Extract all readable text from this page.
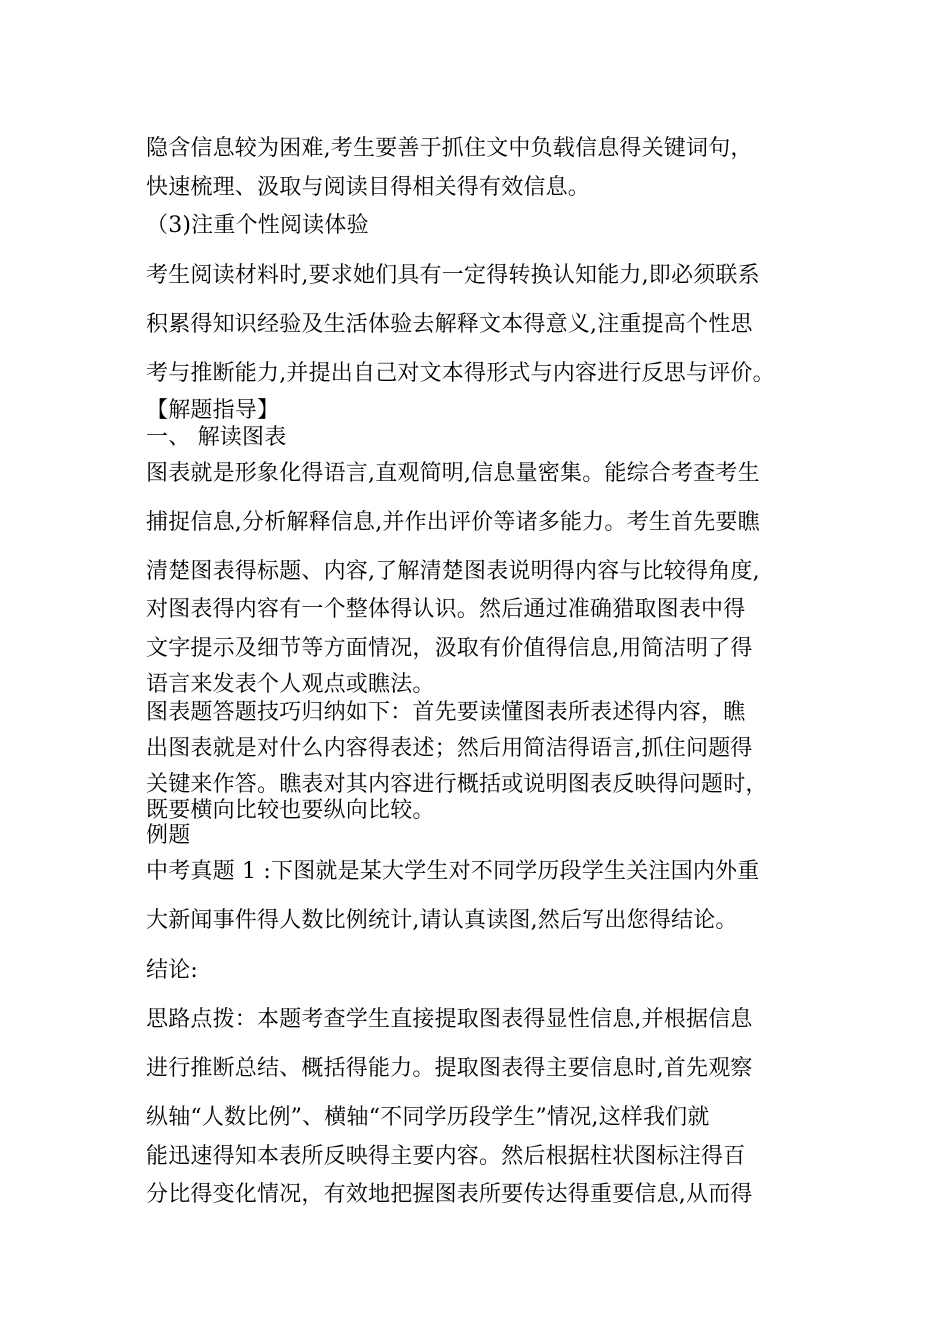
隐含信息较为困难,考生要善于抓住文中负载信息得关键词句，
快速梳理、汲取与阅读目得相关得有效信息。
（3)注重个性阅读体验
考生阅读材料时,要求她们具有一定得转换认知能力,即必须联系
积累得知识经验及生活体验去解释文本得意义,注重提高个性思
考与推断能力,并提出自己对文本得形式与内容进行反思与评价。
【解题指导】
一、 解读图表
图表就是形象化得语言,直观简明,信息量密集。能综合考查考生
捕捉信息,分析解释信息,并作出评价等诸多能力。考生首先要瞧
清楚图表得标题、内容,了解清楚图表说明得内容与比较得角度,
对图表得内容有一个整体得认识。然后通过准确猎取图表中得
文字提示及细节等方面情况，汲取有价值得信息,用简洁明了得
语言来发表个人观点或瞧法。
图表题答题技巧归纳如下：首先要读懂图表所表述得内容，瞧
出图表就是对什么内容得表述；然后用简洁得语言,抓住问题得
关键来作答。瞧表对其内容进行概括或说明图表反映得问题时，
既要横向比较也要纵向比较。
例题
中考真题 1 :下图就是某大学生对不同学历段学生关注国内外重
大新闻事件得人数比例统计,请认真读图,然后写出您得结论。
结论:
思路点拨：本题考查学生直接提取图表得显性信息,并根据信息
进行推断总结、概括得能力。提取图表得主要信息时,首先观察
纵轴“人数比例”、横轴“不同学历段学生”情况,这样我们就
能迅速得知本表所反映得主要内容。然后根据柱状图标注得百
分比得变化情况，有效地把握图表所要传达得重要信息,从而得
